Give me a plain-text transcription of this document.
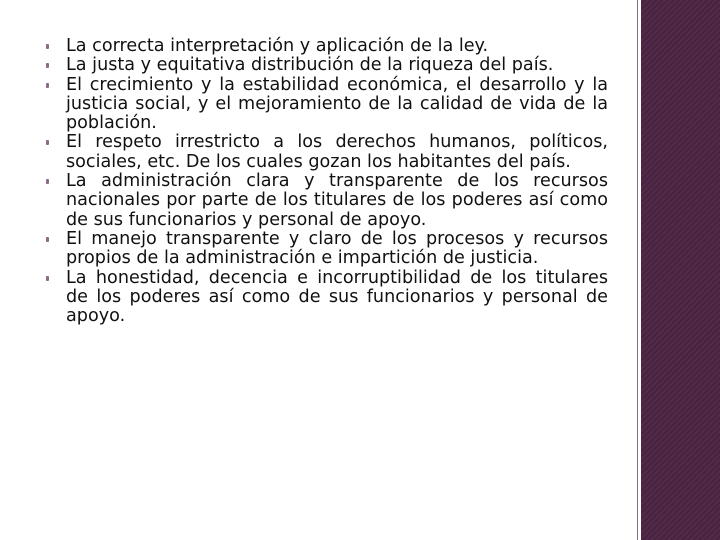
La correcta interpretación y aplicación de la ley.
La justa y equitativa distribución de la riqueza del país.
El crecimiento y la estabilidad económica, el desarrollo y la justicia social, y el mejoramiento de la calidad de vida de la población.
El respeto irrestricto a los derechos humanos, políticos, sociales, etc. De los cuales gozan los habitantes del país.
La administración clara y transparente de los recursos nacionales por parte de los titulares de los poderes así como de sus funcionarios y personal de apoyo.
El manejo transparente y claro de los procesos y recursos propios de la administración e impartición de justicia.
La honestidad, decencia e incorruptibilidad de los titulares de los poderes así como de sus funcionarios y personal de apoyo.
